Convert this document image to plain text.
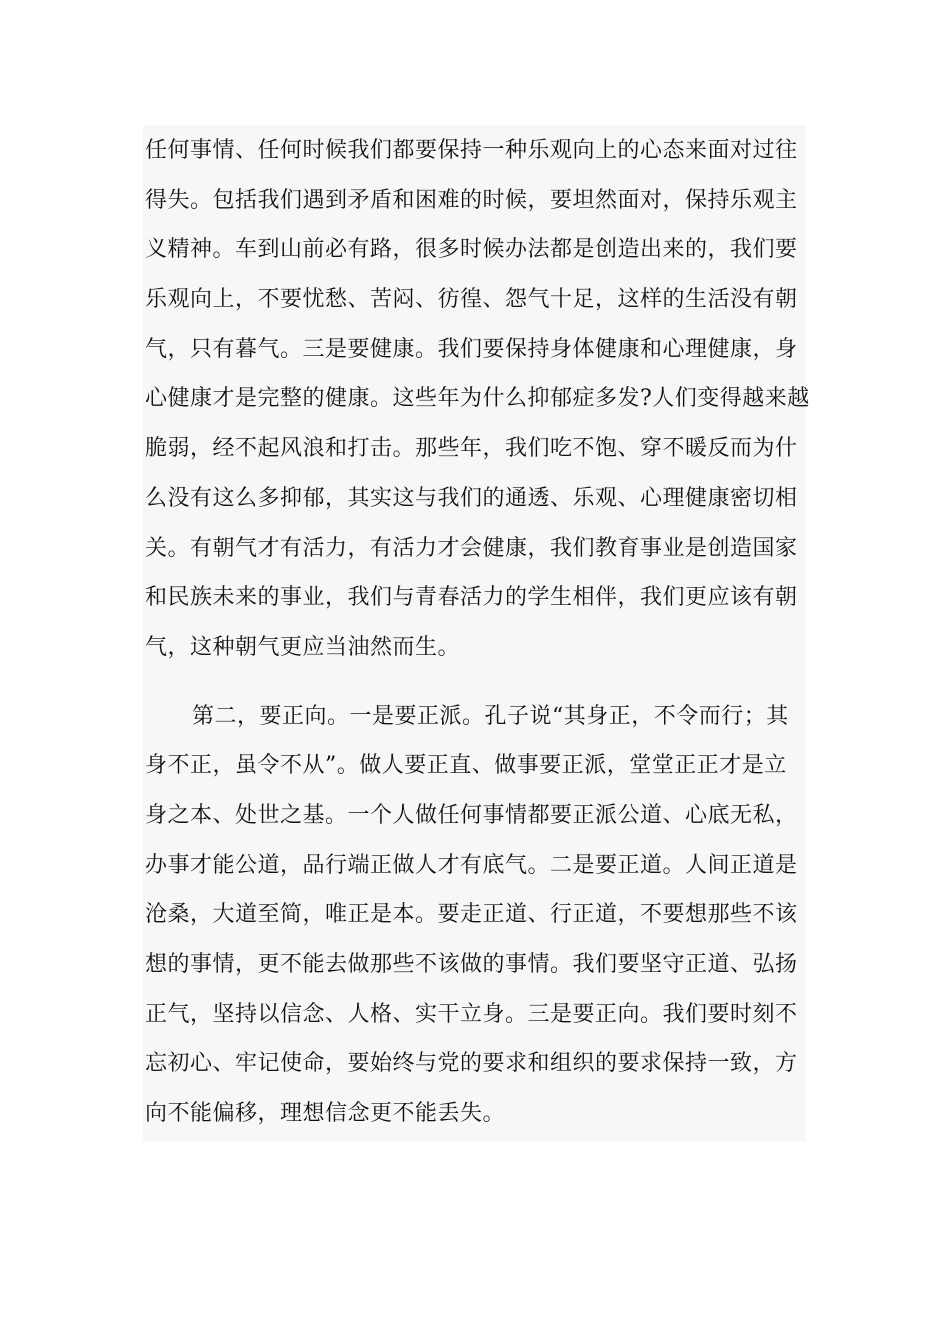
任何事情、任何时候我们都要保持一种乐观向上的心态来面对过往
得失。包括我们遇到矛盾和困难的时候，要坦然面对，保持乐观主
义精神。车到山前必有路，很多时候办法都是创造出来的，我们要
乐观向上，不要忧愁、苦闷、彷徨、怨气十足，这样的生活没有朝
气，只有暮气。三是要健康。我们要保持身体健康和心理健康，身
心健康才是完整的健康。这些年为什么抑郁症多发?人们变得越来越
脆弱，经不起风浪和打击。那些年，我们吃不饱、穿不暖反而为什
么没有这么多抑郁，其实这与我们的通透、乐观、心理健康密切相
关。有朝气才有活力，有活力才会健康，我们教育事业是创造国家
和民族未来的事业，我们与青春活力的学生相伴，我们更应该有朝
气，这种朝气更应当油然而生。

第二，要正向。一是要正派。孔子说“其身正，不令而行；其
身不正，虽令不从”。做人要正直、做事要正派，堂堂正正才是立
身之本、处世之基。一个人做任何事情都要正派公道、心底无私，
办事才能公道，品行端正做人才有底气。二是要正道。人间正道是
沧桑，大道至简，唯正是本。要走正道、行正道，不要想那些不该
想的事情，更不能去做那些不该做的事情。我们要坚守正道、弘扬
正气，坚持以信念、人格、实干立身。三是要正向。我们要时刻不
忘初心、牢记使命，要始终与党的要求和组织的要求保持一致，方
向不能偏移，理想信念更不能丢失。
